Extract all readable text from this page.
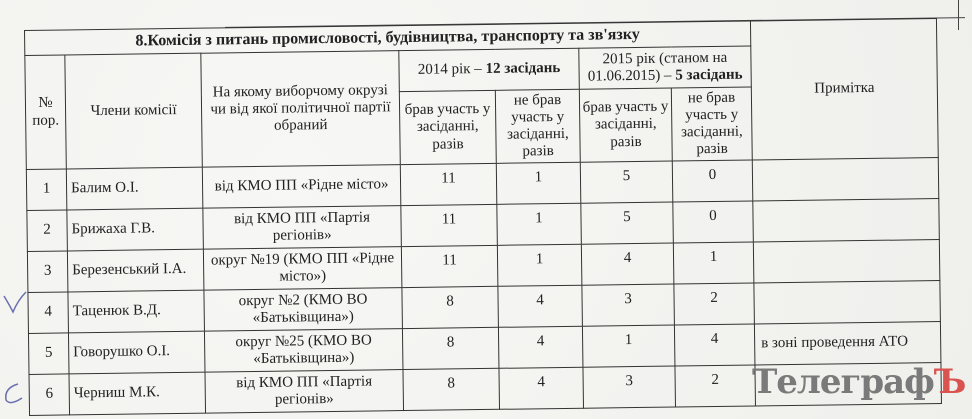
8.Комісія з питань промисловості, будівництва, транспорту та зв'язку							Примітка
№ пор.	Члени комісії	На якому виборчому окрузі чи від якої політичної партії обраний	2014 рік – 12 засідань		2015 рік (станом на 01.06.2015) – 5 засідань		
			брав участь у засіданні, разів	не брав участь у засіданні, разів	брав участь у засіданні, разів	не брав участь у засіданні, разів	
1	Балим О.І.	від КМО ПП «Рідне місто»	11	1	5	0	
2	Брижаха Г.В.	від КМО ПП «Партія регіонів»	11	1	5	0	
3	Березенський І.А.	округ №19 (КМО ПП «Рідне місто»)	11	1	4	1	
4	Таценюк В.Д.	округ №2 (КМО ВО «Батьківщина»)	8	4	3	2	
5	Говорушко О.І.	округ №25 (КМО ВО «Батьківщина»)	8	4	1	4	в зоні проведення АТО
6	Черниш М.К.	від КМО ПП «Партія регіонів»	8	4	3	2	ТелеграфЪ
